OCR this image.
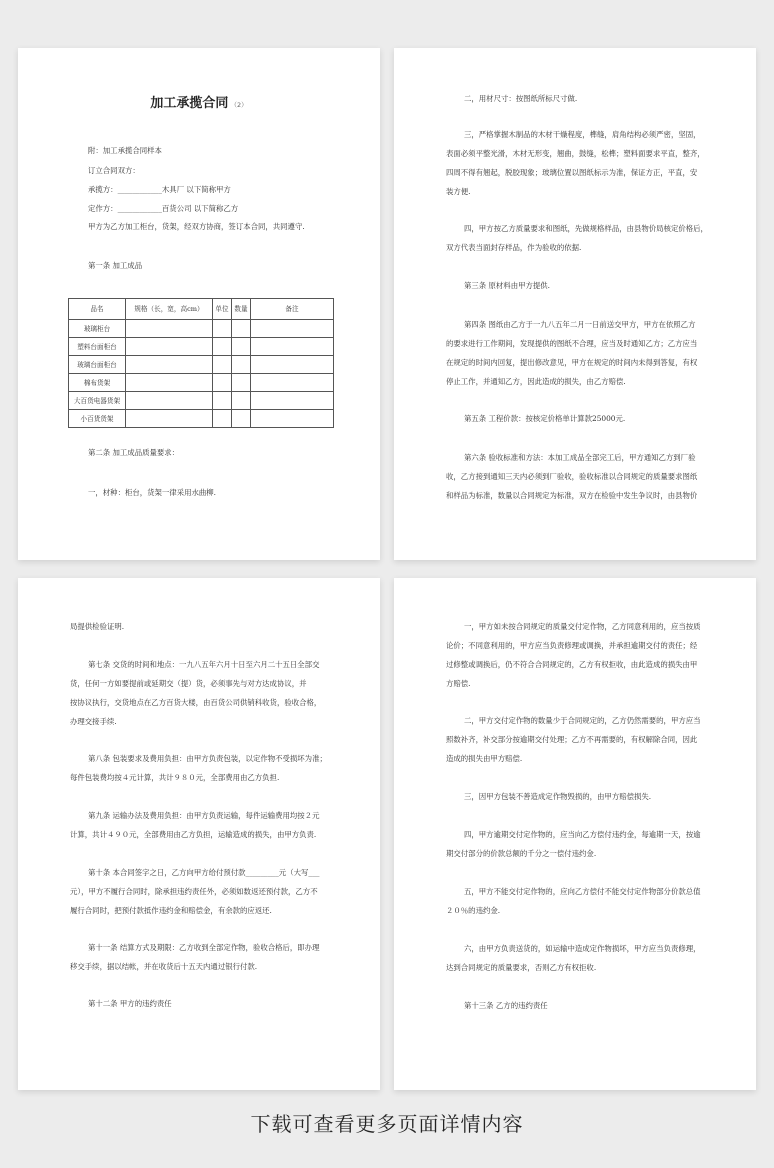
加工承揽合同 （2）
附：加工承揽合同样本
订立合同双方：
承揽方：____________木具厂 以下简称甲方
定作方：____________百货公司 以下简称乙方
甲方为乙方加工柜台，货架，经双方协商，签订本合同，共同遵守.
第一条 加工成品
品名	规格（长，宽，高cm）	单位	数量	备注
玻璃柜台				
塑料台面柜台				
玻璃台面柜台				
棉布货架				
大百货电器货架				
小百货货架				
第二条 加工成品质量要求：
一，材种：柜台，货架一律采用水曲柳.
二，用材尺寸：按图纸所标尺寸做.
三，严格掌握木制品的木材干燥程度，榫缝，肩角结构必须严密，坚固，
表面必须平整光滑，木材无形变，翘曲，鼓缝，松榫；塑料面要求平直，整齐，
四周不得有翘起，脱胶现象；玻璃位置以图纸标示为准，保证方正，平直，安
装方便.
四，甲方按乙方质量要求和图纸，先做规格样品，由县物价局核定价格后，
双方代表当面封存样品，作为验收的依据.
第三条 原材料由甲方提供.
第四条 图纸由乙方于一九八五年二月一日前送交甲方，甲方在依照乙方
的要求进行工作期间，发现提供的图纸不合理，应当及时通知乙方；乙方应当
在规定的时间内回复，提出修改意见，甲方在规定的时间内未得到答复，有权
停止工作，并通知乙方，因此造成的损失，由乙方赔偿.
第五条 工程价款：按核定价格单计算款25000元.
第六条 验收标准和方法：本加工成品全部完工后，甲方通知乙方到厂验
收，乙方接到通知三天内必须到厂验收，验收标准以合同规定的质量要求图纸
和样品为标准，数量以合同规定为标准，双方在检验中发生争议时，由县物价
局提供检验证明.
第七条 交货的时间和地点：一九八五年六月十日至六月二十五日全部交
货，任何一方如要提前或延期交（提）货，必须事先与对方达成协议，并
按协议执行，交货地点在乙方百货大楼，由百货公司供销科收货，验收合格，
办理交接手续.
第八条 包装要求及费用负担：由甲方负责包装，以定作物不受损坏为准；
每件包装费均按４元计算，共计９８０元，全部费用由乙方负担.
第九条 运输办法及费用负担：由甲方负责运输，每件运输费用均按２元
计算，共计４９０元，全部费用由乙方负担，运输造成的损失，由甲方负责.
第十条 本合同签字之日，乙方向甲方给付预付款_________元（大写___
元），甲方不履行合同时，除承担违约责任外，必须如数返还预付款，乙方不
履行合同时，把预付款抵作违约金和赔偿金，有余款的应返还.
第十一条 结算方式及期限：乙方收到全部定作物，验收合格后，即办理
移交手续，据以结帐，并在收货后十五天内通过银行付款.
第十二条 甲方的违约责任
一，甲方如未按合同规定的质量交付定作物，乙方同意利用的，应当按质
论价；不同意利用的，甲方应当负责修理或调换，并承担逾期交付的责任；经
过修整或调换后，仍不符合合同规定的，乙方有权拒收，由此造成的损失由甲
方赔偿.
二，甲方交付定作物的数量少于合同规定的，乙方仍然需要的，甲方应当
照数补齐，补交部分按逾期交付处理；乙方不再需要的，有权解除合同，因此
造成的损失由甲方赔偿.
三，因甲方包装不善造成定作物毁损的，由甲方赔偿损失.
四，甲方逾期交付定作物的，应当向乙方偿付违约金，每逾期一天，按逾
期交付部分的价款总额的千分之一偿付违约金.
五，甲方不能交付定作物的，应向乙方偿付不能交付定作物部分价款总值
２０％的违约金.
六，由甲方负责送货的，如运输中造成定作物损坏，甲方应当负责修理，
达到合同规定的质量要求，否则乙方有权拒收.
第十三条 乙方的违约责任
下载可查看更多页面详情内容
